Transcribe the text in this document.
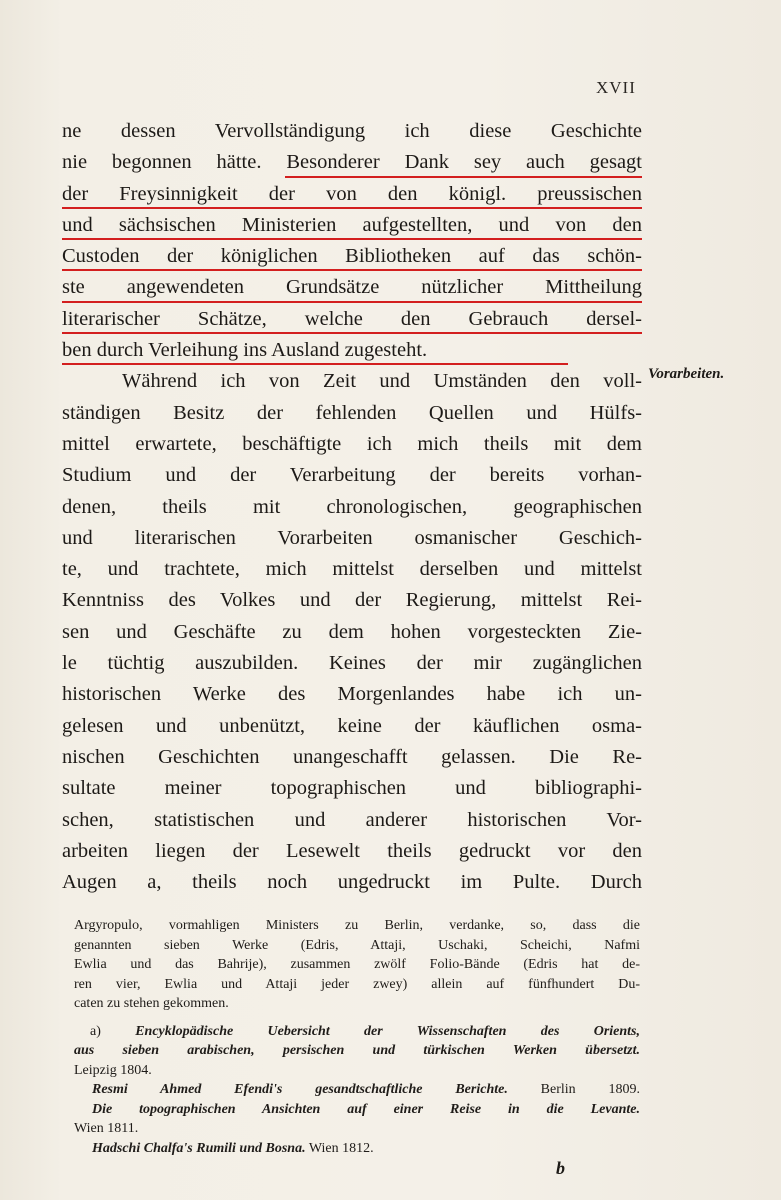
XVII
ne dessen Vervollständigung ich diese Geschichte
nie begonnen hätte. Besonderer Dank sey auch gesagt
der Freysinnigkeit der von den königl. preussischen
und sächsischen Ministerien aufgestellten, und von den
Custoden der königlichen Bibliotheken auf das schön-
ste angewendeten Grundsätze nützlicher Mittheilung
literarischer Schätze, welche den Gebrauch dersel-
ben durch Verleihung ins Ausland zugesteht.
Während ich von Zeit und Umständen den voll-
ständigen Besitz der fehlenden Quellen und Hülfs-
mittel erwartete, beschäftigte ich mich theils mit dem
Studium und der Verarbeitung der bereits vorhan-
denen, theils mit chronologischen, geographischen
und literarischen Vorarbeiten osmanischer Geschich-
te, und trachtete, mich mittelst derselben und mittelst
Kenntniss des Volkes und der Regierung, mittelst Rei-
sen und Geschäfte zu dem hohen vorgesteckten Zie-
le tüchtig auszubilden. Keines der mir zugänglichen
historischen Werke des Morgenlandes habe ich un-
gelesen und unbenützt, keine der käuflichen osma-
nischen Geschichten unangeschafft gelassen. Die Re-
sultate meiner topographischen und bibliographi-
schen, statistischen und anderer historischen Vor-
arbeiten liegen der Lesewelt theils gedruckt vor den
Augen a, theils noch ungedruckt im Pulte. Durch
Vorarbeiten.
Argyropulo, vormahligen Ministers zu Berlin, verdanke, so, dass die
genannten sieben Werke (Edris, Attaji, Uschaki, Scheichi, Nafmi
Ewlia und das Bahrije), zusammen zwölf Folio-Bände (Edris hat de-
ren vier, Ewlia und Attaji jeder zwey) allein auf fünfhundert Du-
caten zu stehen gekommen.
a) Encyklopädische Uebersicht der Wissenschaften des Orients,
aus sieben arabischen, persischen und türkischen Werken übersetzt.
Leipzig 1804.
Resmi Ahmed Efendi's gesandtschaftliche Berichte. Berlin 1809.
Die topographischen Ansichten auf einer Reise in die Levante.
Wien 1811.
Hadschi Chalfa's Rumili und Bosna. Wien 1812.
b
